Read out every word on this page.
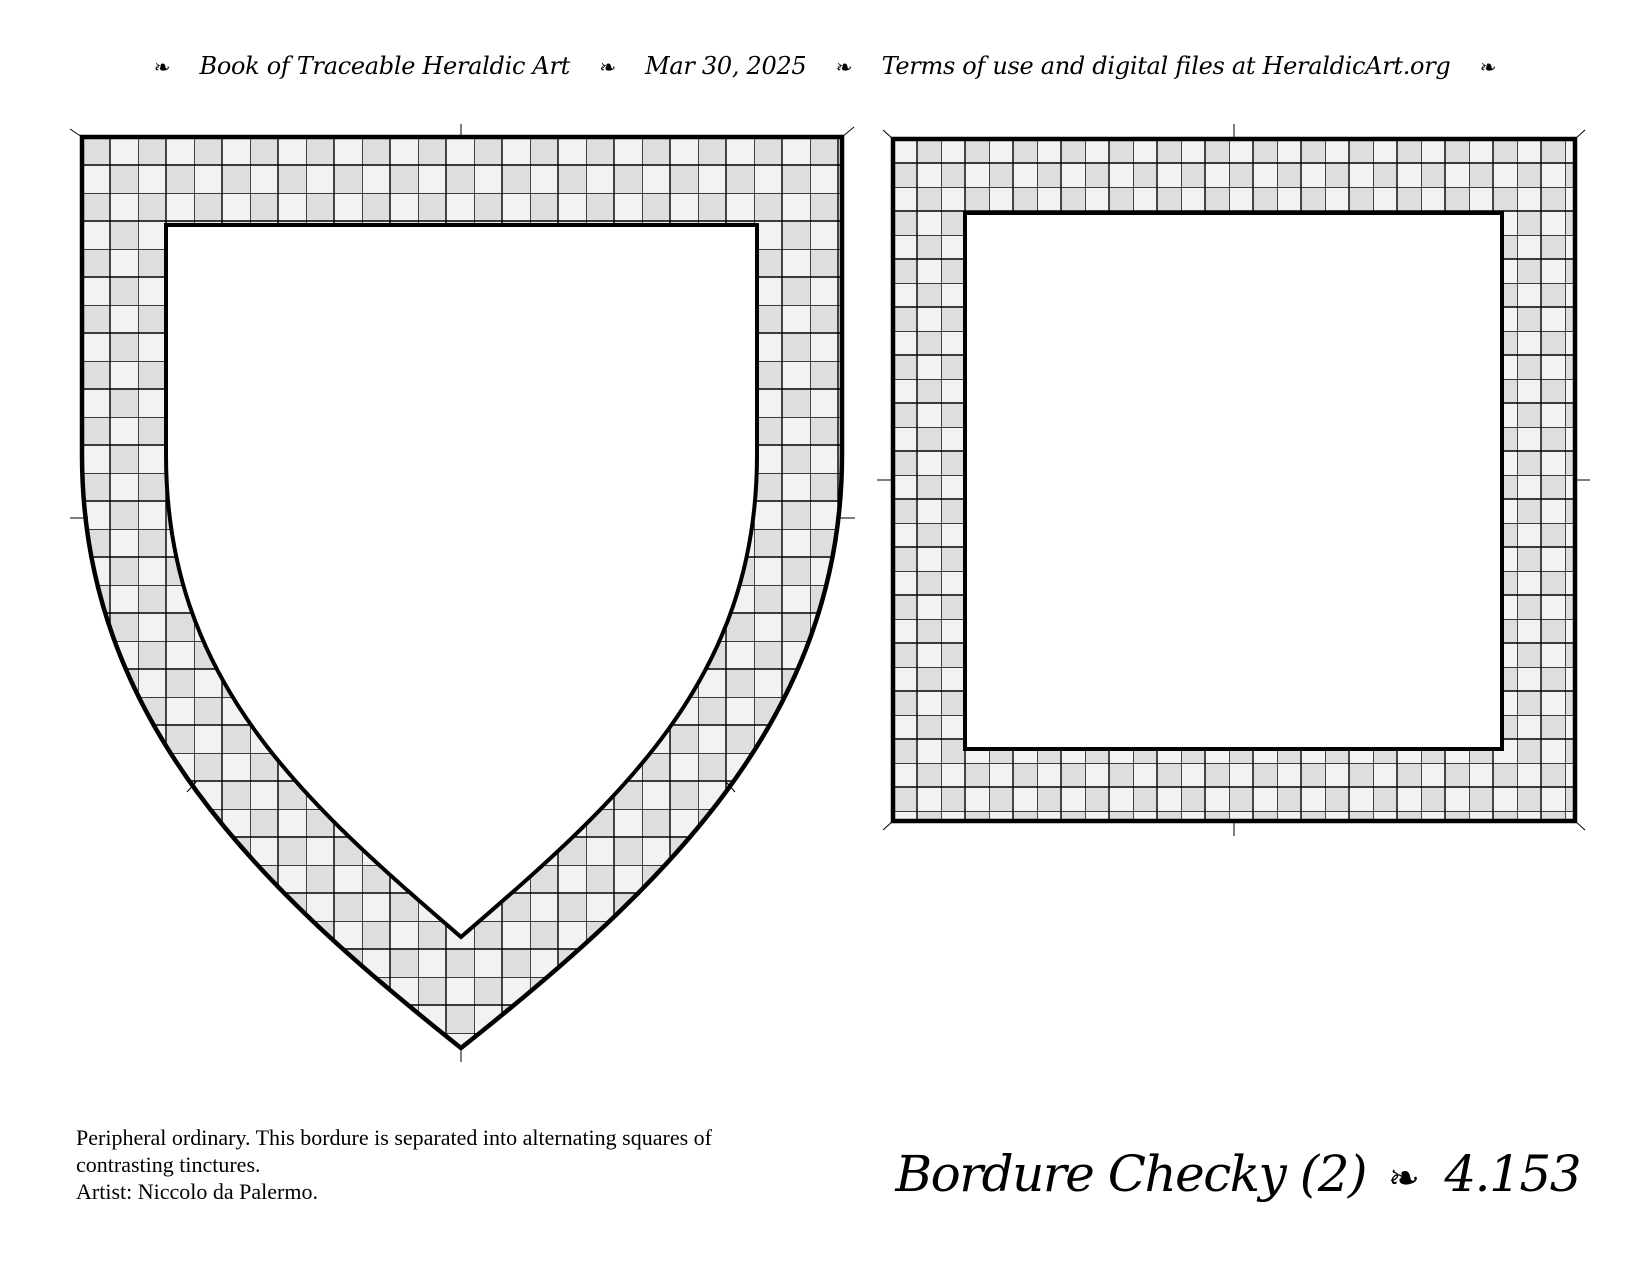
❧ Book of Traceable Heraldic Art ❧ Mar 30, 2025 ❧ Terms of use and digital files at HeraldicArt.org ❧
Peripheral ordinary. This bordure is separated into alternating squares of
contrasting tinctures.
Artist: Niccolo da Palermo.	Bordure Checky (2) ❧ 4.153
